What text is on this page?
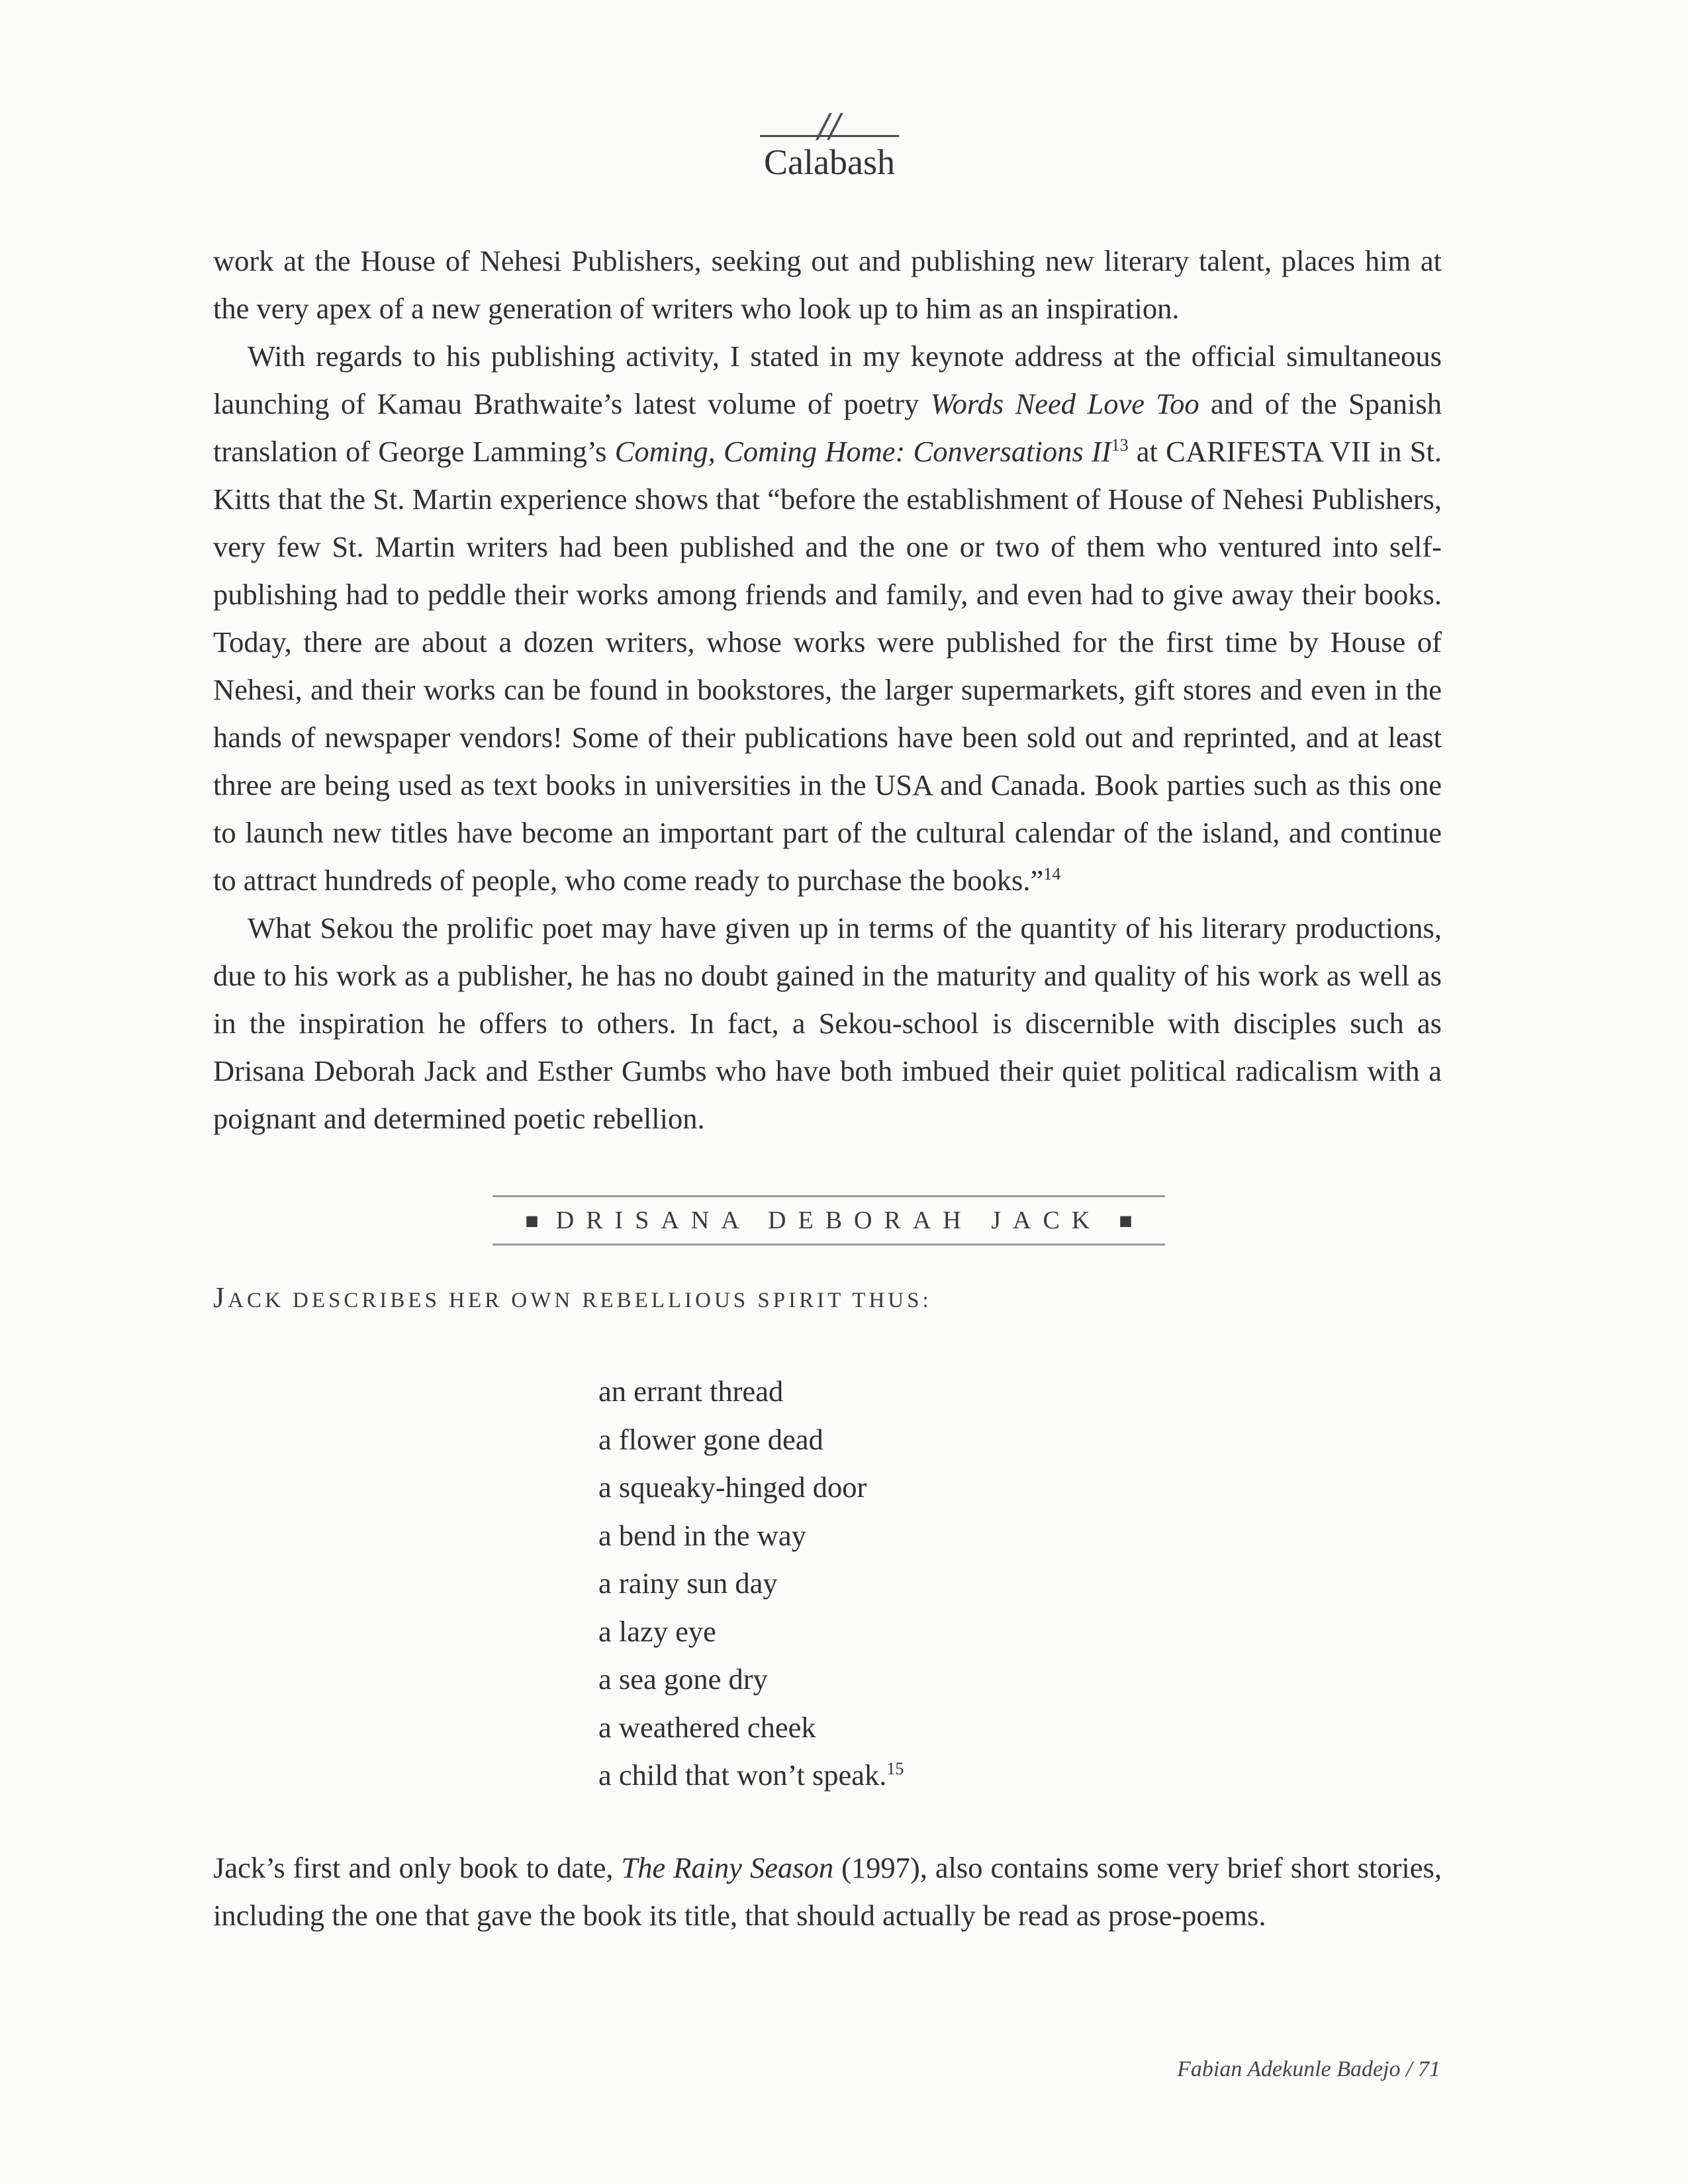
//
Calabash

work at the House of Nehesi Publishers, seeking out and publishing new literary talent, places him at the very apex of a new generation of writers who look up to him as an inspiration.

With regards to his publishing activity, I stated in my keynote address at the official simultaneous launching of Kamau Brathwaite’s latest volume of poetry Words Need Love Too and of the Spanish translation of George Lamming’s Coming, Coming Home: Conversations II$^{13}$ at CARIFESTA VII in St. Kitts that the St. Martin experience shows that “before the establishment of House of Nehesi Publishers, very few St. Martin writers had been published and the one or two of them who ventured into self-publishing had to peddle their works among friends and family, and even had to give away their books. Today, there are about a dozen writers, whose works were published for the first time by House of Nehesi, and their works can be found in bookstores, the larger supermarkets, gift stores and even in the hands of newspaper vendors! Some of their publications have been sold out and reprinted, and at least three are being used as text books in universities in the USA and Canada. Book parties such as this one to launch new titles have become an important part of the cultural calendar of the island, and continue to attract hundreds of people, who come ready to purchase the books.”$^{14}$

What Sekou the prolific poet may have given up in terms of the quantity of his literary productions, due to his work as a publisher, he has no doubt gained in the maturity and quality of his work as well as in the inspiration he offers to others. In fact, a Sekou-school is discernible with disciples such as Drisana Deborah Jack and Esther Gumbs who have both imbued their quiet political radicalism with a poignant and determined poetic rebellion.

■ DRISANA DEBORAH JACK ■
JACK DESCRIBES HER OWN REBELLIOUS SPIRIT THUS:
an errant thread
a flower gone dead
a squeaky-hinged door
a bend in the way
a rainy sun day
a lazy eye
a sea gone dry
a weathered cheek
a child that won’t speak.$^{15}$

Jack’s first and only book to date, The Rainy Season (1997), also contains some very brief short stories, including the one that gave the book its title, that should actually be read as prose-poems.

Fabian Adekunle Badejo / 71
